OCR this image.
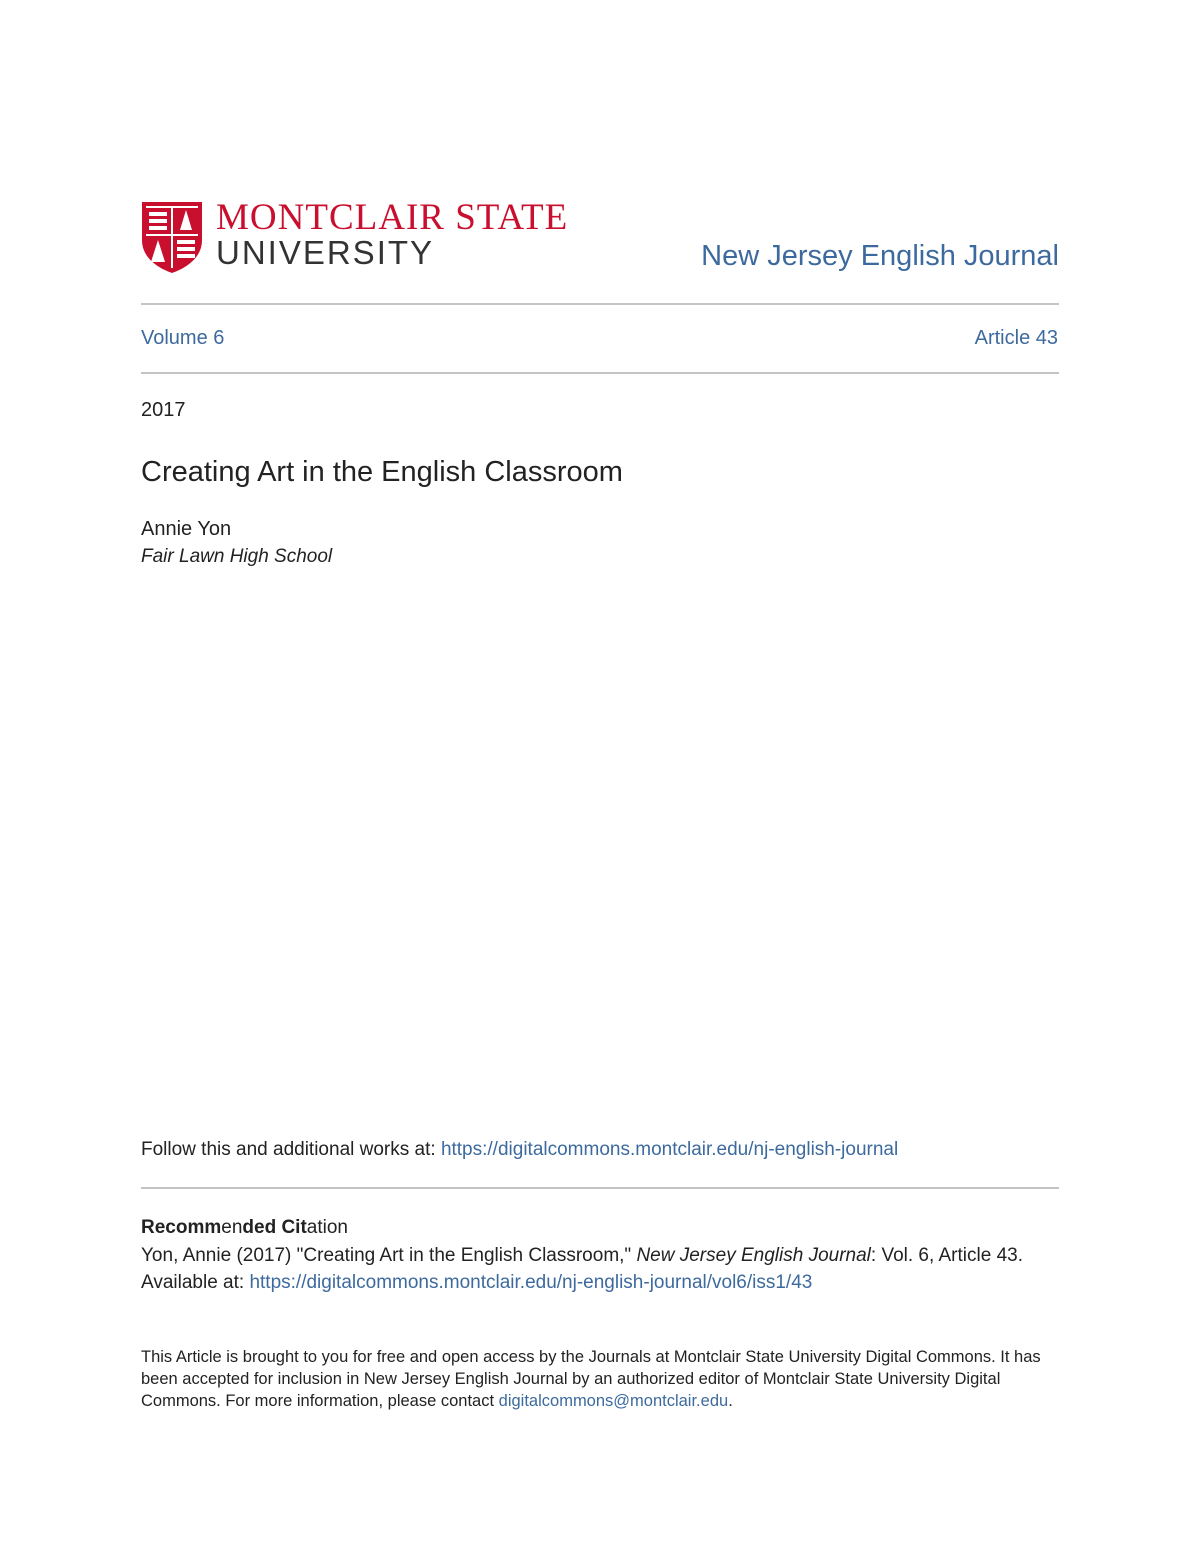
MONTCLAIR STATE
UNIVERSITY	New Jersey English Journal
Volume 6	Article 43
2017
Creating Art in the English Classroom
Annie Yon
Fair Lawn High School
Follow this and additional works at: https://digitalcommons.montclair.edu/nj-english-journal
Recommended Citation
Yon, Annie (2017) "Creating Art in the English Classroom," New Jersey English Journal: Vol. 6, Article 43.
Available at: https://digitalcommons.montclair.edu/nj-english-journal/vol6/iss1/43
This Article is brought to you for free and open access by the Journals at Montclair State University Digital Commons. It has been accepted for inclusion in New Jersey English Journal by an authorized editor of Montclair State University Digital Commons. For more information, please contact digitalcommons@montclair.edu.
